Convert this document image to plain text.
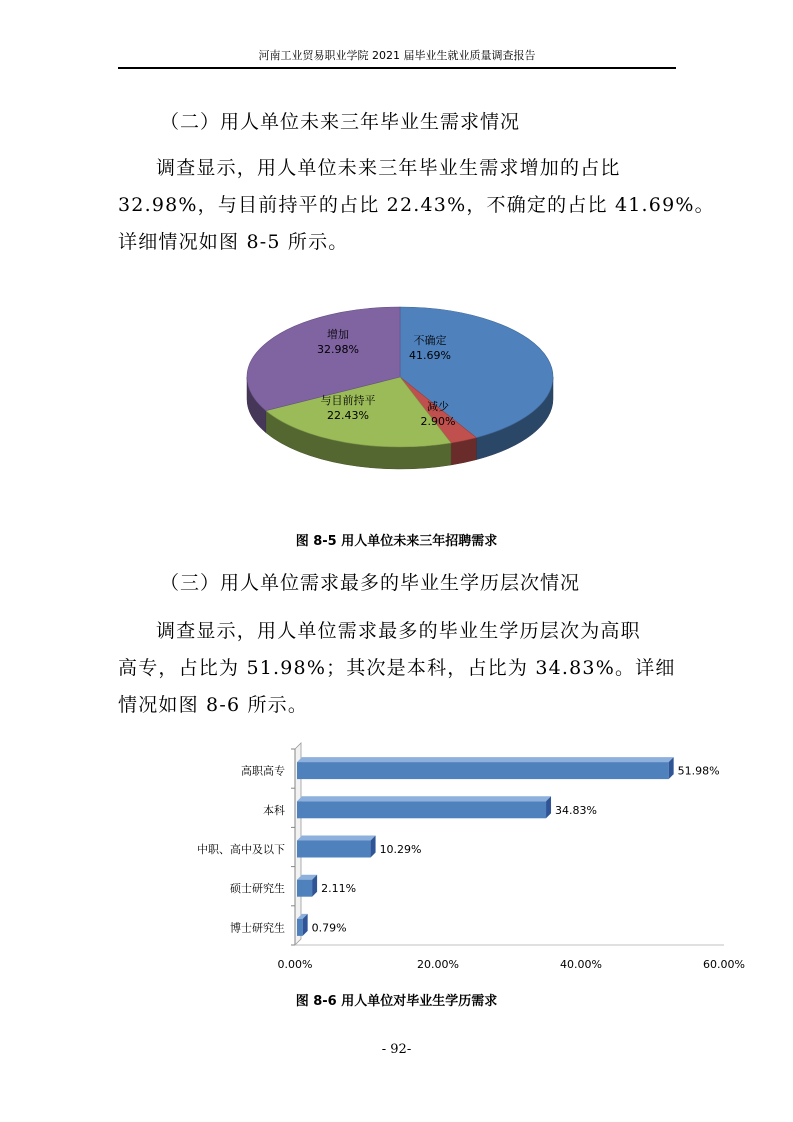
河南工业贸易职业学院 2021 届毕业生就业质量调查报告
（二）用人单位未来三年毕业生需求情况
调查显示，用人单位未来三年毕业生需求增加的占比
32.98%，与目前持平的占比 22.43%，不确定的占比 41.69%。
详细情况如图 8-5 所示。
不确定
41.69%
减少
2.90%
与目前持平
22.43%
增加
32.98%
图 8-5 用人单位未来三年招聘需求
（三）用人单位需求最多的毕业生学历层次情况
调查显示，用人单位需求最多的毕业生学历层次为高职
高专，占比为 51.98%；其次是本科，占比为 34.83%。详细
情况如图 8-6 所示。
51.98%
高职高专
34.83%
本科
10.29%
中职、高中及以下
2.11%
硕士研究生
0.79%
博士研究生
0.00%	20.00%	40.00%	60.00%
图 8-6 用人单位对毕业生学历需求
- 92-
